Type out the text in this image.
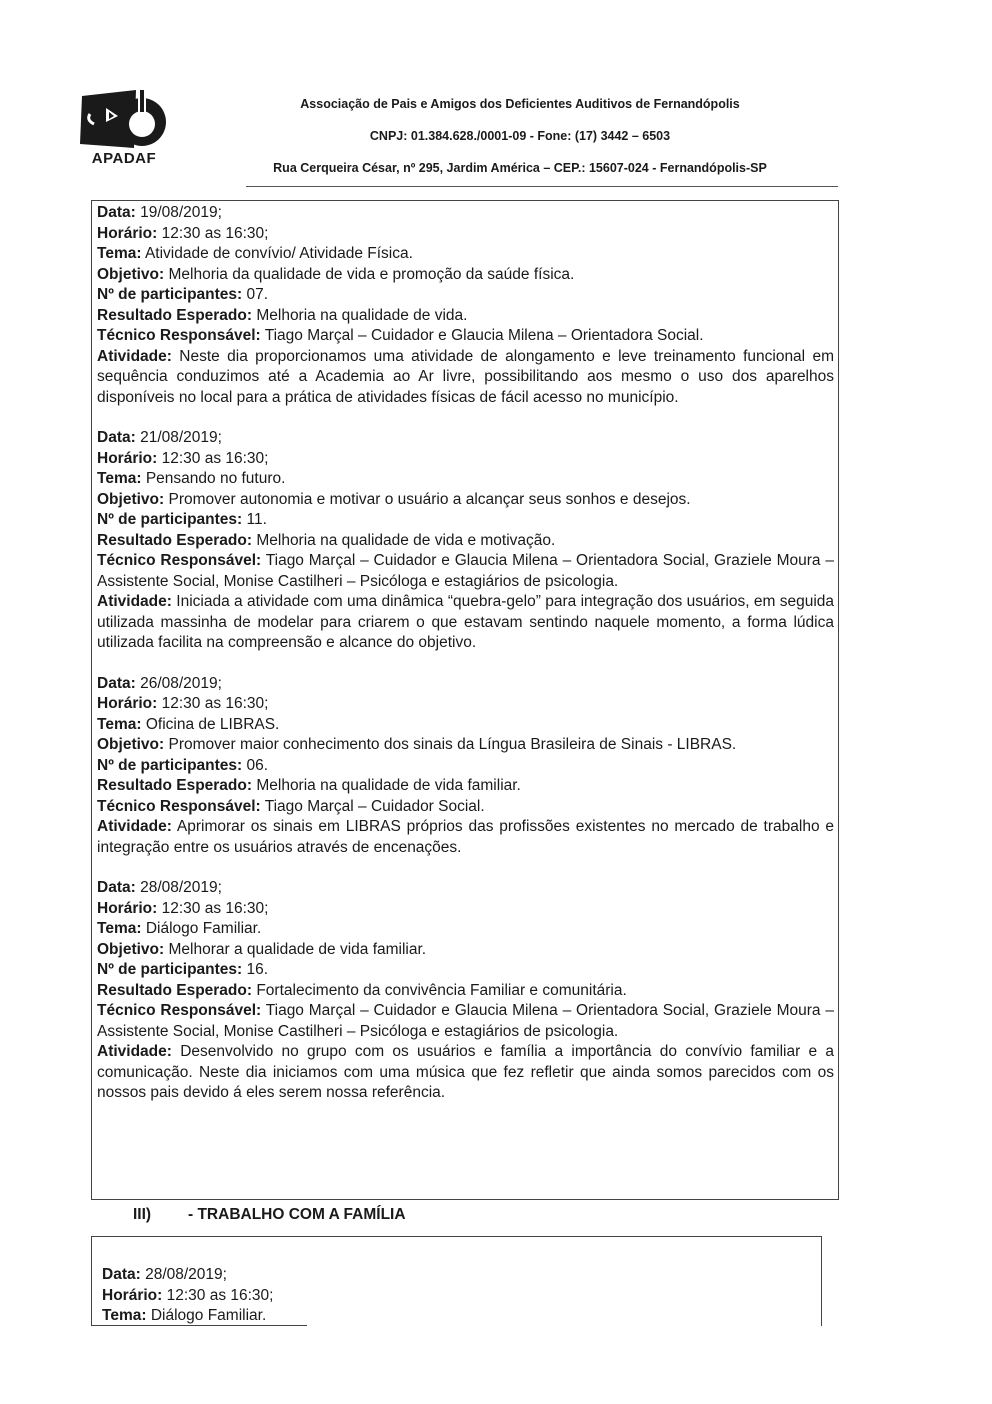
APADAF
Associação de Pais e Amigos dos Deficientes Auditivos de Fernandópolis
CNPJ: 01.384.628./0001-09 - Fone: (17) 3442 – 6503
Rua Cerqueira César, nº 295, Jardim América – CEP.: 15607-024 - Fernandópolis-SP
Data: 19/08/2019;
Horário: 12:30 as 16:30;
Tema: Atividade de convívio/ Atividade Física.
Objetivo: Melhoria da qualidade de vida e promoção da saúde física.
Nº de participantes: 07.
Resultado Esperado: Melhoria na qualidade de vida.
Técnico Responsável: Tiago Marçal – Cuidador e Glaucia Milena – Orientadora Social.
Atividade: Neste dia proporcionamos uma atividade de alongamento e leve treinamento funcional em sequência conduzimos até a Academia ao Ar livre, possibilitando aos mesmo o uso dos aparelhos disponíveis no local para a prática de atividades físicas de fácil acesso no município.
Data: 21/08/2019;
Horário: 12:30 as 16:30;
Tema: Pensando no futuro.
Objetivo: Promover autonomia e motivar o usuário a alcançar seus sonhos e desejos.
Nº de participantes: 11.
Resultado Esperado: Melhoria na qualidade de vida e motivação.
Técnico Responsável: Tiago Marçal – Cuidador e Glaucia Milena – Orientadora Social, Graziele Moura – Assistente Social, Monise Castilheri – Psicóloga e estagiários de psicologia.
Atividade: Iniciada a atividade com uma dinâmica “quebra-gelo” para integração dos usuários, em seguida utilizada massinha de modelar para criarem o que estavam sentindo naquele momento, a forma lúdica utilizada facilita na compreensão e alcance do objetivo.
Data: 26/08/2019;
Horário: 12:30 as 16:30;
Tema: Oficina de LIBRAS.
Objetivo: Promover maior conhecimento dos sinais da Língua Brasileira de Sinais - LIBRAS.
Nº de participantes: 06.
Resultado Esperado: Melhoria na qualidade de vida familiar.
Técnico Responsável: Tiago Marçal – Cuidador Social.
Atividade: Aprimorar os sinais em LIBRAS próprios das profissões existentes no mercado de trabalho e integração entre os usuários através de encenações.
Data: 28/08/2019;
Horário: 12:30 as 16:30;
Tema: Diálogo Familiar.
Objetivo: Melhorar a qualidade de vida familiar.
Nº de participantes: 16.
Resultado Esperado: Fortalecimento da convivência Familiar e comunitária.
Técnico Responsável: Tiago Marçal – Cuidador e Glaucia Milena – Orientadora Social, Graziele Moura – Assistente Social, Monise Castilheri – Psicóloga e estagiários de psicologia.
Atividade: Desenvolvido no grupo com os usuários e família a importância do convívio familiar e a comunicação. Neste dia iniciamos com uma música que fez refletir que ainda somos parecidos com os nossos pais devido á eles serem nossa referência.
III) - TRABALHO COM A FAMÍLIA
Data: 28/08/2019;
Horário: 12:30 as 16:30;
Tema: Diálogo Familiar.
